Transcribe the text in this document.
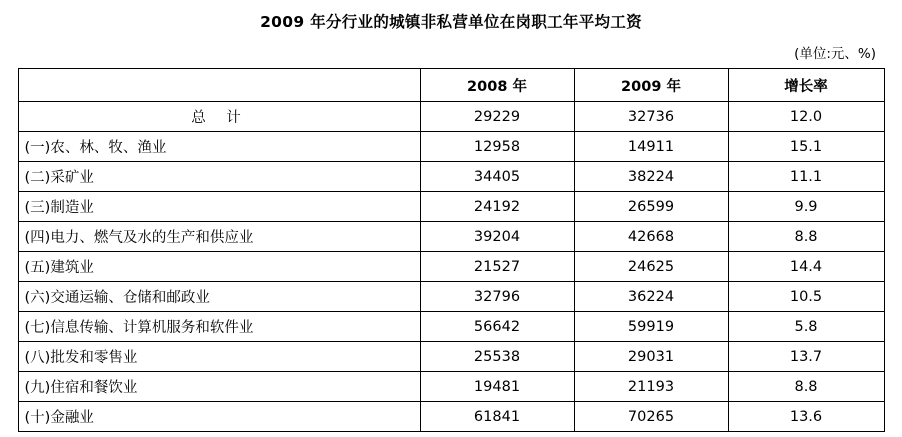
2009 年分行业的城镇非私营单位在岗职工年平均工资
(单位:元、%)
	2008 年	2009 年	增长率
总 计	29229	32736	12.0
(一)农、林、牧、渔业	12958	14911	15.1
(二)采矿业	34405	38224	11.1
(三)制造业	24192	26599	9.9
(四)电力、燃气及水的生产和供应业	39204	42668	8.8
(五)建筑业	21527	24625	14.4
(六)交通运输、仓储和邮政业	32796	36224	10.5
(七)信息传输、计算机服务和软件业	56642	59919	5.8
(八)批发和零售业	25538	29031	13.7
(九)住宿和餐饮业	19481	21193	8.8
(十)金融业	61841	70265	13.6
